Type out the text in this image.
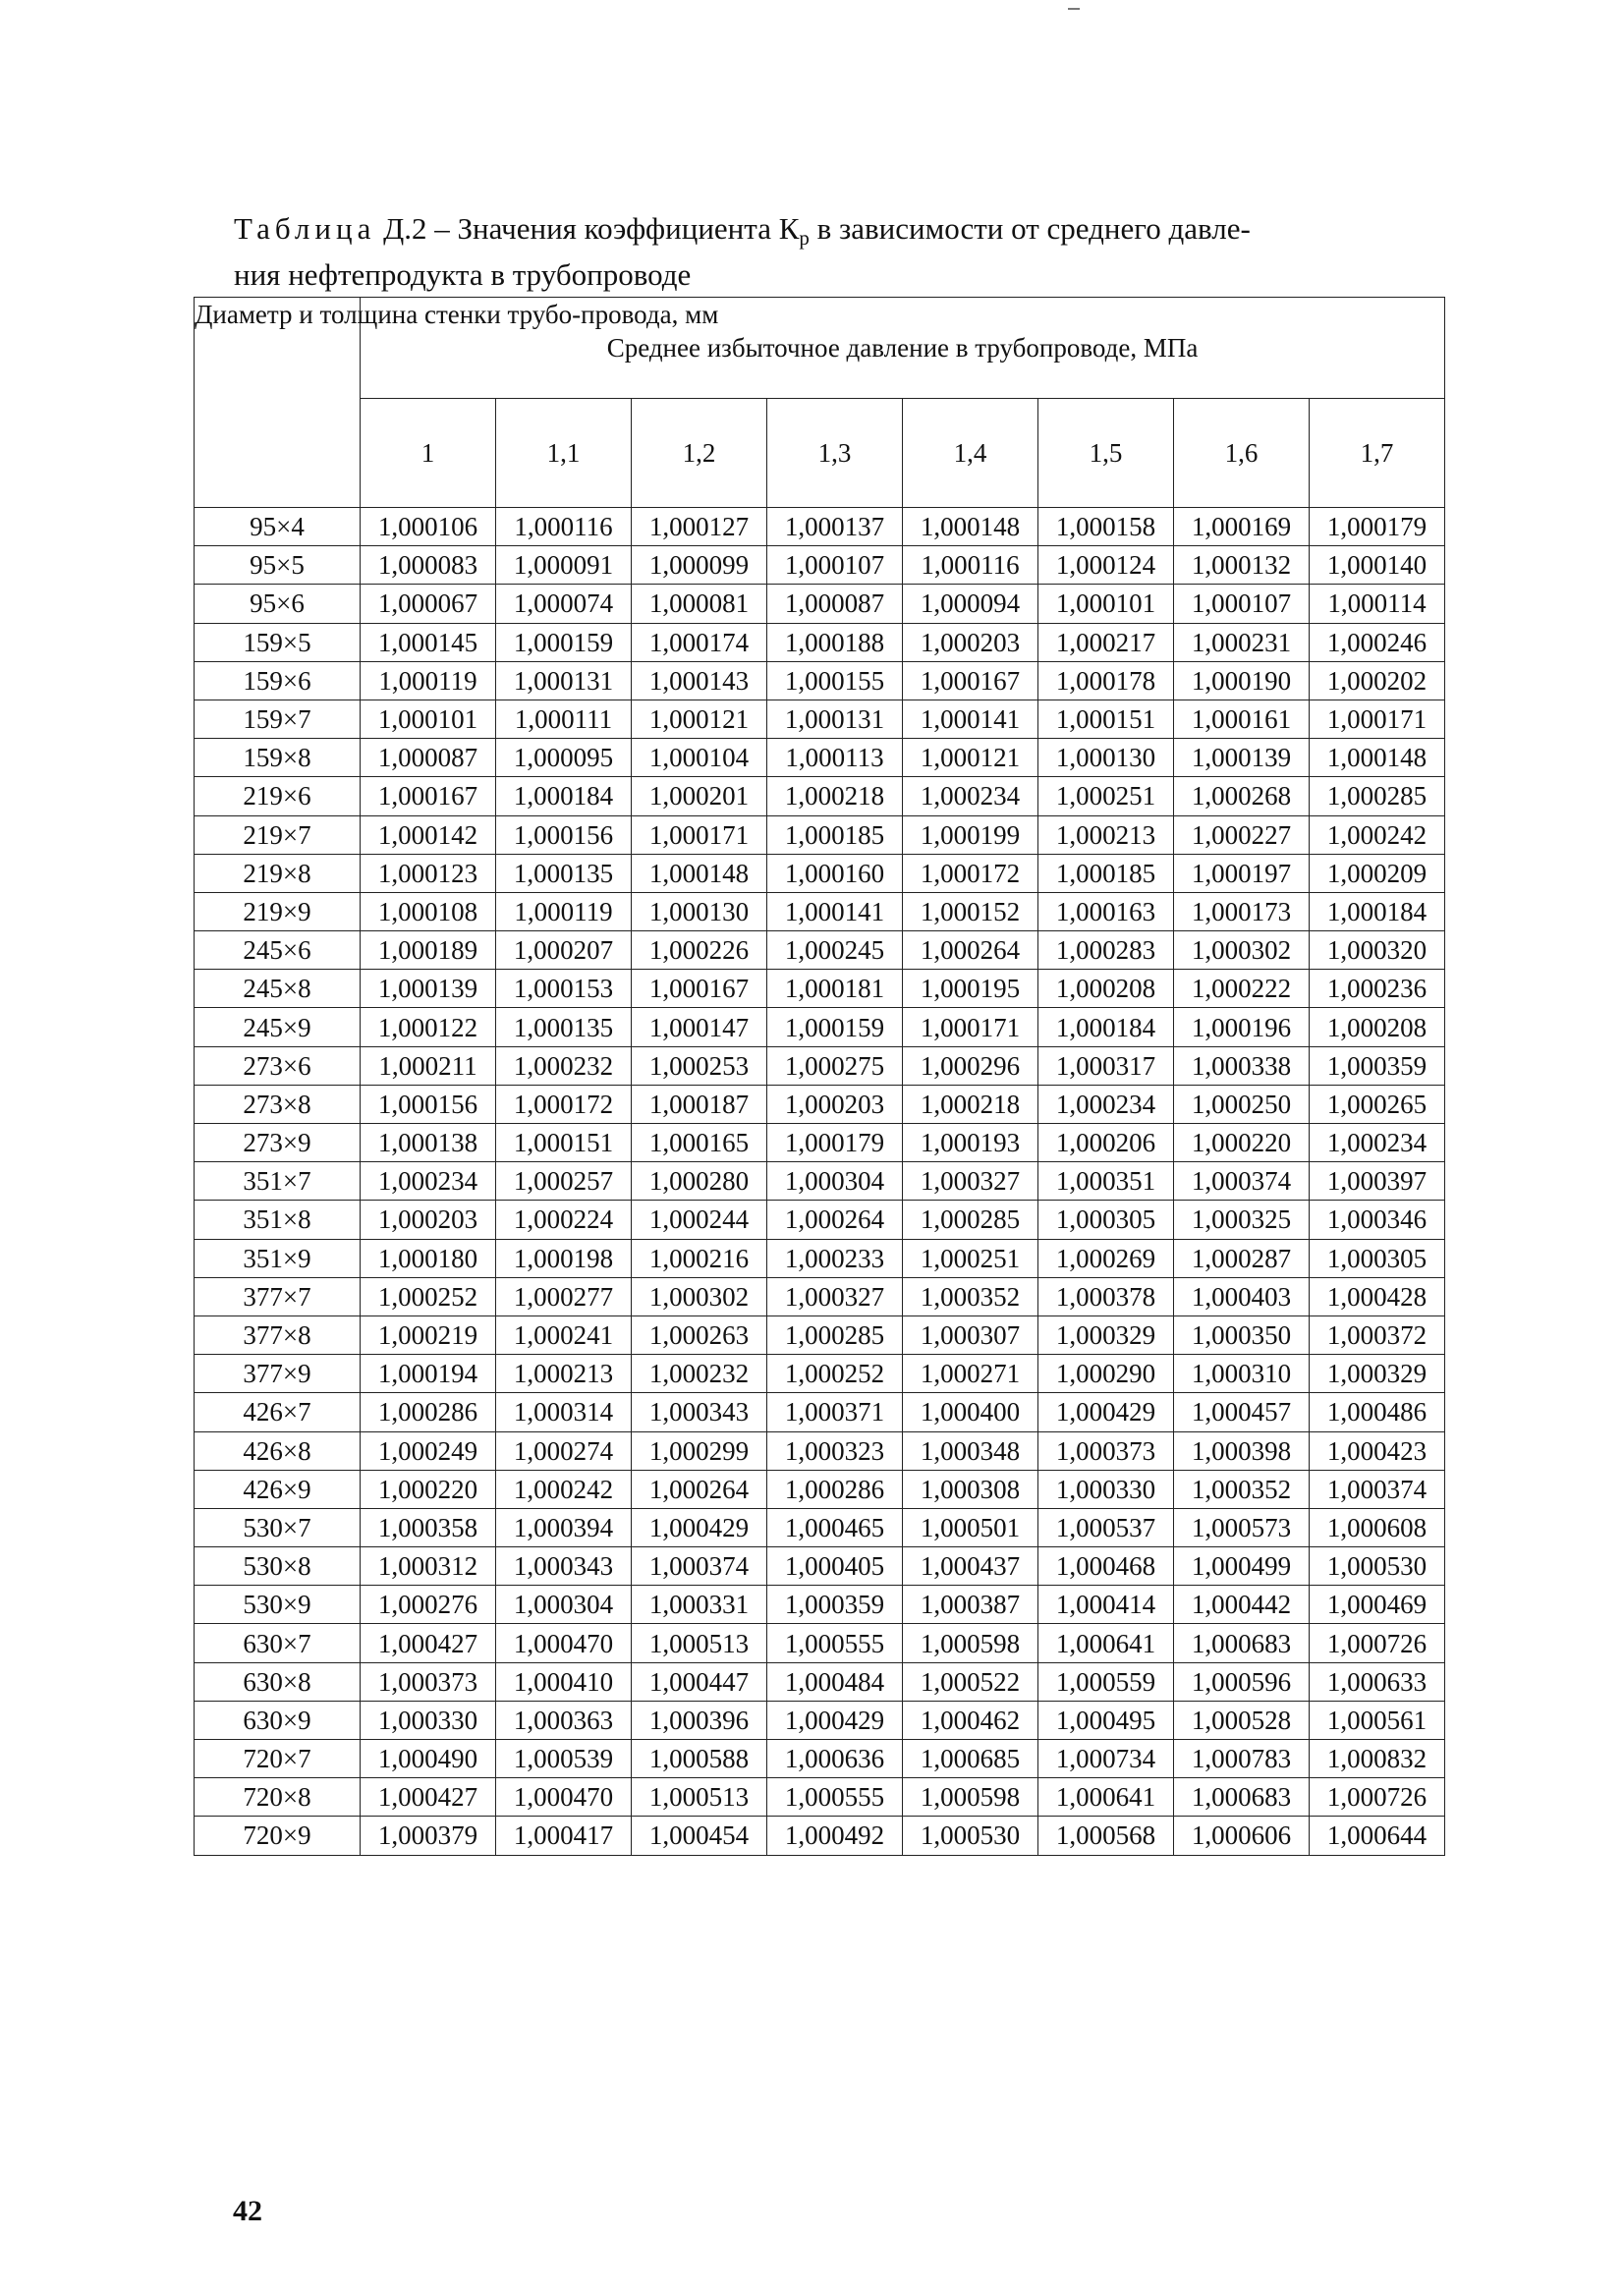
Таблица Д.2 – Значения коэффициента $К_р$ в зависимости от среднего давле-
ния нефтепродукта в трубопроводе
Диаметр и толщина стенки трубо-провода, мм	Среднее избыточное давление в трубопроводе, МПа							
	1	1,1	1,2	1,3	1,4	1,5	1,6	1,7
95×4	1,000106	1,000116	1,000127	1,000137	1,000148	1,000158	1,000169	1,000179
95×5	1,000083	1,000091	1,000099	1,000107	1,000116	1,000124	1,000132	1,000140
95×6	1,000067	1,000074	1,000081	1,000087	1,000094	1,000101	1,000107	1,000114
159×5	1,000145	1,000159	1,000174	1,000188	1,000203	1,000217	1,000231	1,000246
159×6	1,000119	1,000131	1,000143	1,000155	1,000167	1,000178	1,000190	1,000202
159×7	1,000101	1,000111	1,000121	1,000131	1,000141	1,000151	1,000161	1,000171
159×8	1,000087	1,000095	1,000104	1,000113	1,000121	1,000130	1,000139	1,000148
219×6	1,000167	1,000184	1,000201	1,000218	1,000234	1,000251	1,000268	1,000285
219×7	1,000142	1,000156	1,000171	1,000185	1,000199	1,000213	1,000227	1,000242
219×8	1,000123	1,000135	1,000148	1,000160	1,000172	1,000185	1,000197	1,000209
219×9	1,000108	1,000119	1,000130	1,000141	1,000152	1,000163	1,000173	1,000184
245×6	1,000189	1,000207	1,000226	1,000245	1,000264	1,000283	1,000302	1,000320
245×8	1,000139	1,000153	1,000167	1,000181	1,000195	1,000208	1,000222	1,000236
245×9	1,000122	1,000135	1,000147	1,000159	1,000171	1,000184	1,000196	1,000208
273×6	1,000211	1,000232	1,000253	1,000275	1,000296	1,000317	1,000338	1,000359
273×8	1,000156	1,000172	1,000187	1,000203	1,000218	1,000234	1,000250	1,000265
273×9	1,000138	1,000151	1,000165	1,000179	1,000193	1,000206	1,000220	1,000234
351×7	1,000234	1,000257	1,000280	1,000304	1,000327	1,000351	1,000374	1,000397
351×8	1,000203	1,000224	1,000244	1,000264	1,000285	1,000305	1,000325	1,000346
351×9	1,000180	1,000198	1,000216	1,000233	1,000251	1,000269	1,000287	1,000305
377×7	1,000252	1,000277	1,000302	1,000327	1,000352	1,000378	1,000403	1,000428
377×8	1,000219	1,000241	1,000263	1,000285	1,000307	1,000329	1,000350	1,000372
377×9	1,000194	1,000213	1,000232	1,000252	1,000271	1,000290	1,000310	1,000329
426×7	1,000286	1,000314	1,000343	1,000371	1,000400	1,000429	1,000457	1,000486
426×8	1,000249	1,000274	1,000299	1,000323	1,000348	1,000373	1,000398	1,000423
426×9	1,000220	1,000242	1,000264	1,000286	1,000308	1,000330	1,000352	1,000374
530×7	1,000358	1,000394	1,000429	1,000465	1,000501	1,000537	1,000573	1,000608
530×8	1,000312	1,000343	1,000374	1,000405	1,000437	1,000468	1,000499	1,000530
530×9	1,000276	1,000304	1,000331	1,000359	1,000387	1,000414	1,000442	1,000469
630×7	1,000427	1,000470	1,000513	1,000555	1,000598	1,000641	1,000683	1,000726
630×8	1,000373	1,000410	1,000447	1,000484	1,000522	1,000559	1,000596	1,000633
630×9	1,000330	1,000363	1,000396	1,000429	1,000462	1,000495	1,000528	1,000561
720×7	1,000490	1,000539	1,000588	1,000636	1,000685	1,000734	1,000783	1,000832
720×8	1,000427	1,000470	1,000513	1,000555	1,000598	1,000641	1,000683	1,000726
720×9	1,000379	1,000417	1,000454	1,000492	1,000530	1,000568	1,000606	1,000644
42
